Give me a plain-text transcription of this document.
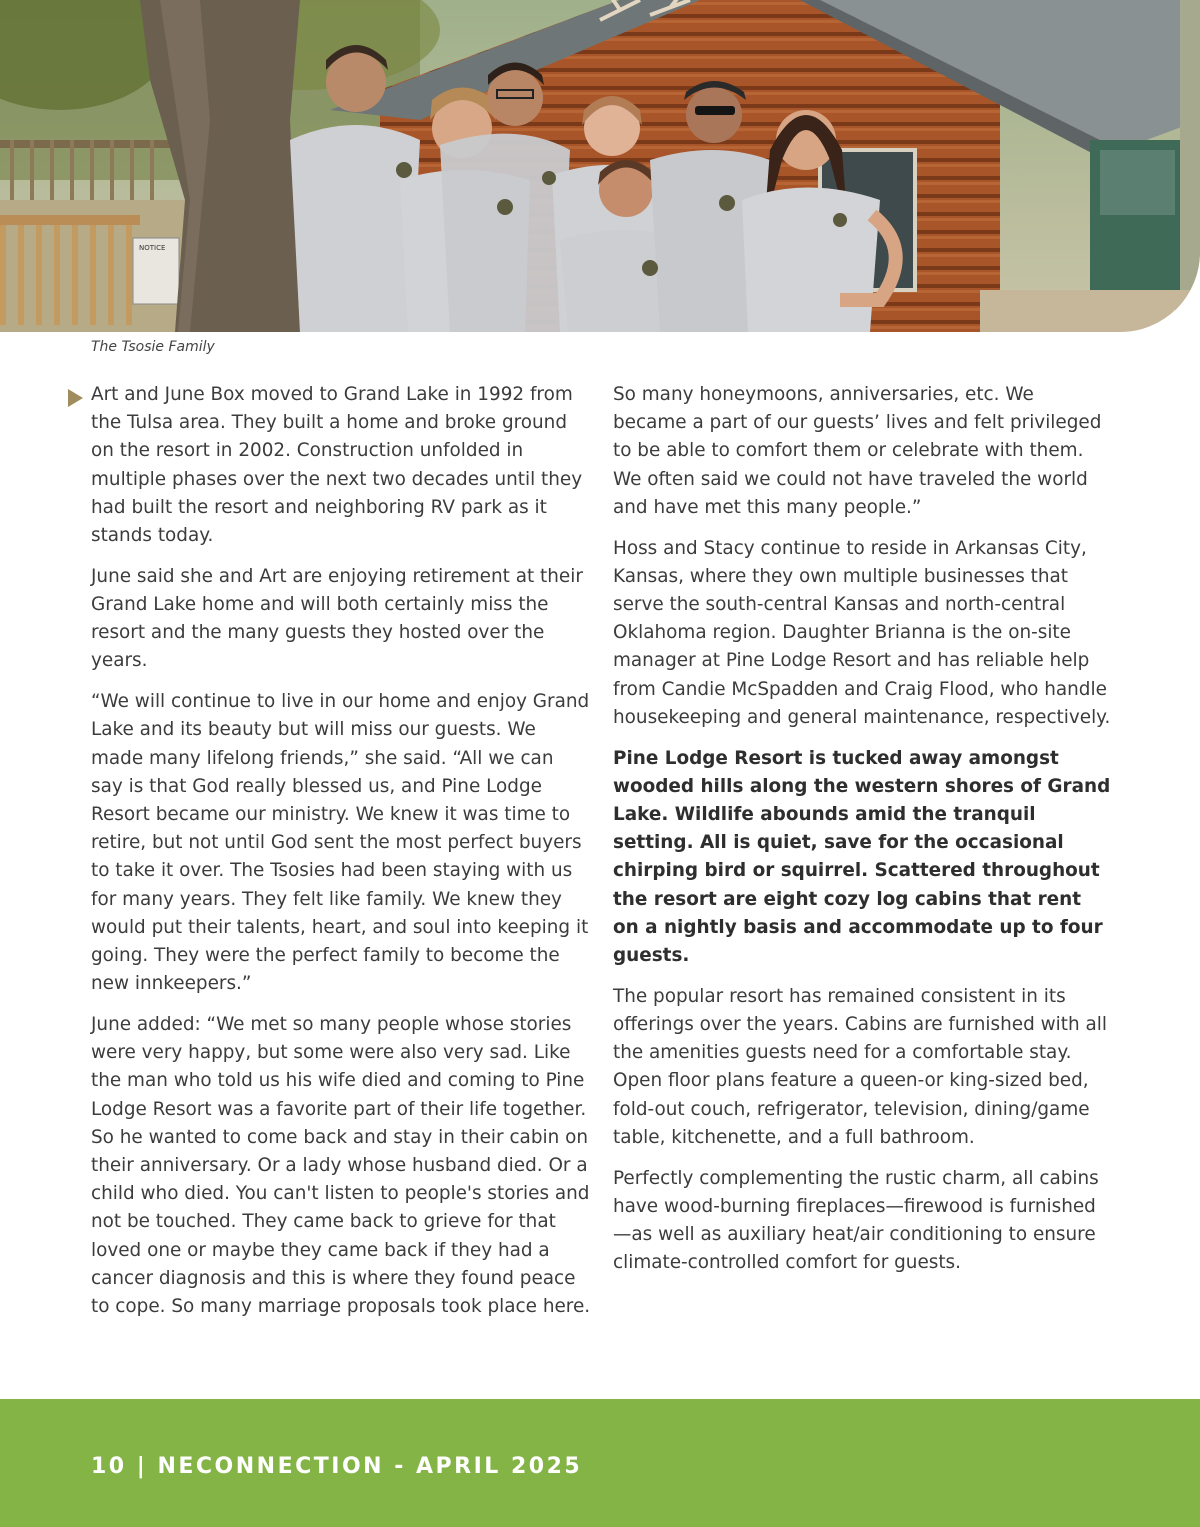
NOTICE
The Tsosie Family

Art and June Box moved to Grand Lake in 1992 from the Tulsa area. They built a home and broke ground on the resort in 2002. Construction unfolded in multiple phases over the next two decades until they had built the resort and neighboring RV park as it stands today.

June said she and Art are enjoying retirement at their Grand Lake home and will both certainly miss the resort and the many guests they hosted over the years.

“We will continue to live in our home and enjoy Grand Lake and its beauty but will miss our guests. We made many lifelong friends,” she said. “All we can say is that God really blessed us, and Pine Lodge Resort became our ministry. We knew it was time to retire, but not until God sent the most perfect buyers to take it over. The Tsosies had been staying with us for many years. They felt like family. We knew they would put their talents, heart, and soul into keeping it going. They were the perfect family to become the new innkeepers.”

June added: “We met so many people whose stories were very happy, but some were also very sad. Like the man who told us his wife died and coming to Pine Lodge Resort was a favorite part of their life together. So he wanted to come back and stay in their cabin on their anniversary. Or a lady whose husband died. Or a child who died. You can't listen to people's stories and not be touched. They came back to grieve for that loved one or maybe they came back if they had a cancer diagnosis and this is where they found peace to cope. So many marriage proposals took place here.

So many honeymoons, anniversaries, etc. We became a part of our guests’ lives and felt privileged to be able to comfort them or celebrate with them. We often said we could not have traveled the world and have met this many people.”

Hoss and Stacy continue to reside in Arkansas City, Kansas, where they own multiple businesses that serve the south-central Kansas and north-central Oklahoma region. Daughter Brianna is the on-site manager at Pine Lodge Resort and has reliable help from Candie McSpadden and Craig Flood, who handle housekeeping and general maintenance, respectively.

Pine Lodge Resort is tucked away amongst wooded hills along the western shores of Grand Lake. Wildlife abounds amid the tranquil setting. All is quiet, save for the occasional chirping bird or squirrel. Scattered throughout the resort are eight cozy log cabins that rent on a nightly basis and accommodate up to four guests.

The popular resort has remained consistent in its offerings over the years. Cabins are furnished with all the amenities guests need for a comfortable stay. Open floor plans feature a queen-or king-sized bed, fold-out couch, refrigerator, television, dining/game table, kitchenette, and a full bathroom.

Perfectly complementing the rustic charm, all cabins have wood-burning fireplaces—firewood is furnished—as well as auxiliary heat/air conditioning to ensure climate-controlled comfort for guests.

10 | NECONNECTION - APRIL 2025
